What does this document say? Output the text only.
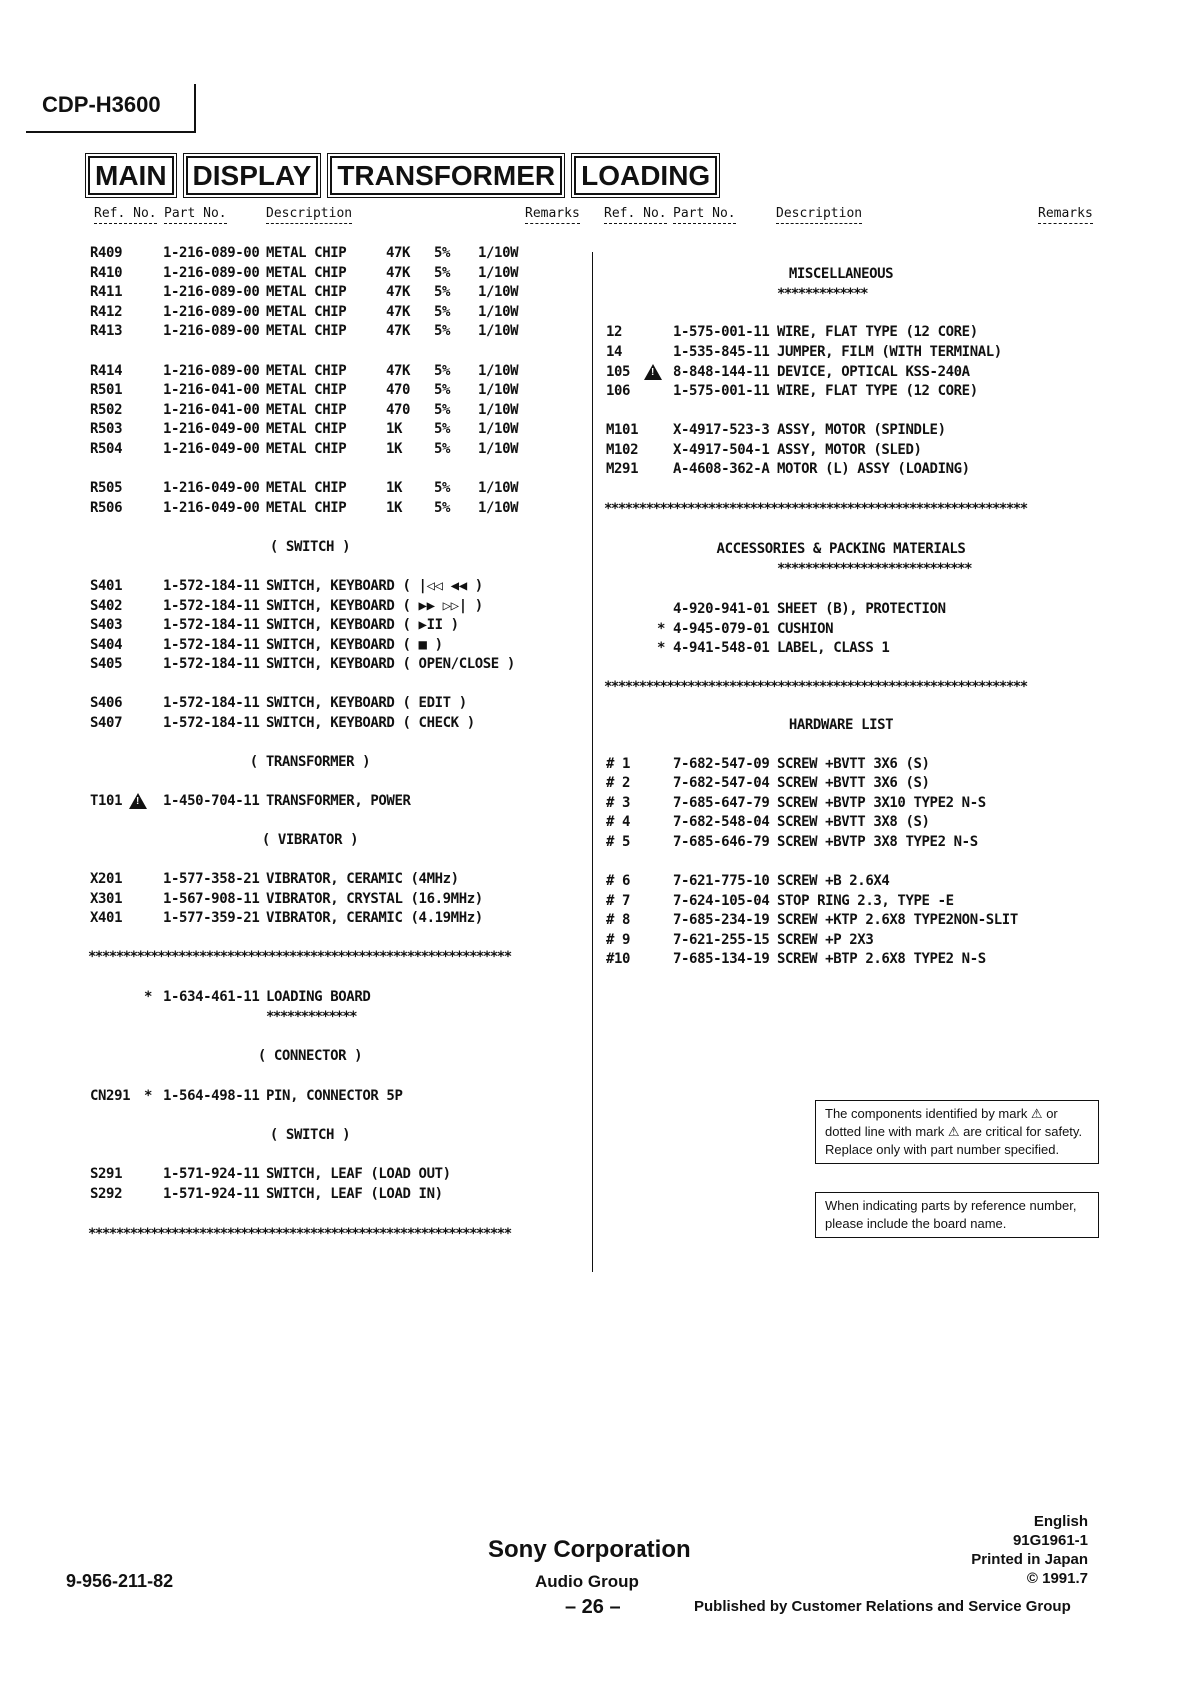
CDP-H3600
MAIN DISPLAY TRANSFORMER LOADING
Ref. No. Part No.	Description	Remarks Ref. No. Part No.	Description	Remarks
R409	1-216-089-00 METAL CHIP	47K 5% 1/10W
R410	1-216-089-00 METAL CHIP	47K 5% 1/10W
R411	1-216-089-00 METAL CHIP	47K 5% 1/10W
R412	1-216-089-00 METAL CHIP	47K 5% 1/10W
R413	1-216-089-00 METAL CHIP	47K 5% 1/10W
R414	1-216-089-00 METAL CHIP	47K 5% 1/10W
R501	1-216-041-00 METAL CHIP	470 5% 1/10W
R502	1-216-041-00 METAL CHIP	470 5% 1/10W
R503	1-216-049-00 METAL CHIP	1K 5% 1/10W
R504	1-216-049-00 METAL CHIP	1K 5% 1/10W
R505	1-216-049-00 METAL CHIP	1K 5% 1/10W
R506	1-216-049-00 METAL CHIP	1K 5% 1/10W
( SWITCH )
S401	1-572-184-11 SWITCH, KEYBOARD ( |◁◁ ◀◀ )
S402	1-572-184-11 SWITCH, KEYBOARD ( ▶▶ ▷▷| )
S403	1-572-184-11 SWITCH, KEYBOARD ( ▶II )
S404	1-572-184-11 SWITCH, KEYBOARD ( ■ )
S405	1-572-184-11 SWITCH, KEYBOARD ( OPEN/CLOSE )
S406	1-572-184-11 SWITCH, KEYBOARD ( EDIT )
S407	1-572-184-11 SWITCH, KEYBOARD ( CHECK )
( TRANSFORMER )
T101 !	1-450-704-11 TRANSFORMER, POWER
( VIBRATOR )
X201	1-577-358-21 VIBRATOR, CERAMIC (4MHz)
X301	1-567-908-11 VIBRATOR, CRYSTAL (16.9MHz)
X401	1-577-359-21 VIBRATOR, CERAMIC (4.19MHz)
*************************************************************
* 1-634-461-11 LOADING BOARD
*************
( CONNECTOR )
CN291 * 1-564-498-11 PIN, CONNECTOR 5P
( SWITCH )
S291	1-571-924-11 SWITCH, LEAF (LOAD OUT)
S292	1-571-924-11 SWITCH, LEAF (LOAD IN)
*************************************************************
MISCELLANEOUS
*************
12	1-575-001-11 WIRE, FLAT TYPE (12 CORE)
14	1-535-845-11 JUMPER, FILM (WITH TERMINAL)
105 !	8-848-144-11 DEVICE, OPTICAL KSS-240A
106	1-575-001-11 WIRE, FLAT TYPE (12 CORE)
M101 X-4917-523-3 ASSY, MOTOR (SPINDLE)
M102 X-4917-504-1 ASSY, MOTOR (SLED)
M291 A-4608-362-A MOTOR (L) ASSY (LOADING)
*************************************************************
ACCESSORIES & PACKING MATERIALS
****************************
4-920-941-01 SHEET (B), PROTECTION
* 4-945-079-01 CUSHION
* 4-941-548-01 LABEL, CLASS 1
*************************************************************
HARDWARE LIST
# 1	7-682-547-09 SCREW +BVTT 3X6 (S)
# 2	7-682-547-04 SCREW +BVTT 3X6 (S)
# 3	7-685-647-79 SCREW +BVTP 3X10 TYPE2 N-S
# 4	7-682-548-04 SCREW +BVTT 3X8 (S)
# 5	7-685-646-79 SCREW +BVTP 3X8 TYPE2 N-S
# 6	7-621-775-10 SCREW +B 2.6X4
# 7	7-624-105-04 STOP RING 2.3, TYPE -E
# 8	7-685-234-19 SCREW +KTP 2.6X8 TYPE2NON-SLIT
# 9	7-621-255-15 SCREW +P 2X3
#10	7-685-134-19 SCREW +BTP 2.6X8 TYPE2 N-S
The components identified by mark ⚠ or dotted line with mark ⚠ are critical for safety. Replace only with part number specified.
When indicating parts by reference number, please include the board name.
9-956-211-82
Sony Corporation
Audio Group
– 26 –
English
91G1961-1
Printed in Japan
© 1991.7
Published by Customer Relations and Service Group
